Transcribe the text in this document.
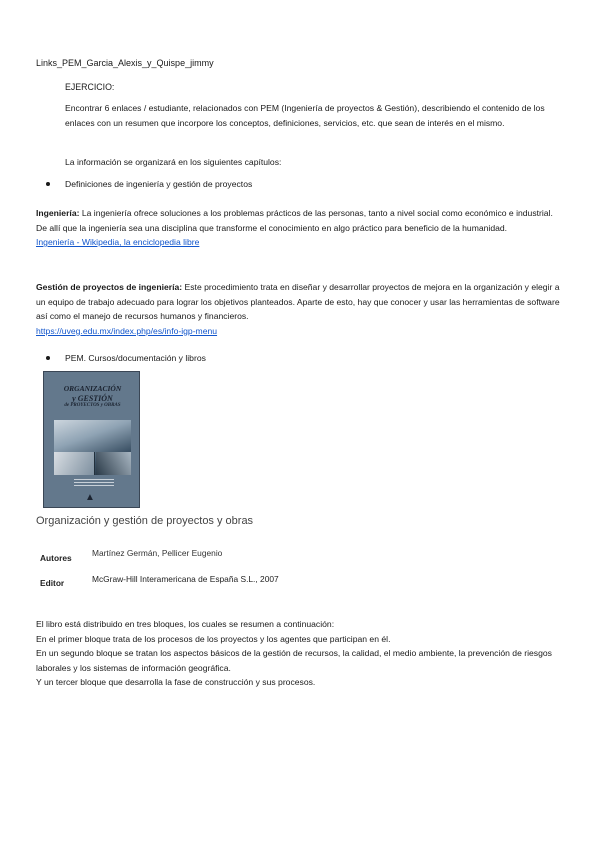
Links_PEM_Garcia_Alexis_y_Quispe_jimmy
EJERCICIO:
Encontrar 6 enlaces / estudiante, relacionados con PEM (Ingeniería de proyectos & Gestión), describiendo el contenido de los enlaces con un resumen que incorpore los conceptos, definiciones, servicios, etc. que sean de interés en el mismo.
La información se organizará en los siguientes capítulos:
Definiciones de ingeniería y gestión de proyectos
Ingeniería: La ingeniería ofrece soluciones a los problemas prácticos de las personas, tanto a nivel social como económico e industrial. De allí que la ingeniería sea una disciplina que transforme el conocimiento en algo práctico para beneficio de la humanidad.
Ingeniería - Wikipedia, la enciclopedia libre
Gestión de proyectos de ingeniería: Este procedimiento trata en diseñar y desarrollar proyectos de mejora en la organización y elegir a un equipo de trabajo adecuado para lograr los objetivos planteados. Aparte de esto, hay que conocer y usar las herramientas de software así como el manejo de recursos humanos y financieros.
https://uveg.edu.mx/index.php/es/info-igp-menu
PEM. Cursos/documentación y libros
ORGANIZACIÓN
y GESTIÓN
de PROYECTOS y OBRAS
▲
Organización y gestión de proyectos y obras
Autores Martínez Germán, Pellicer Eugenio
Editor	McGraw-Hill Interamericana de España S.L., 2007
El libro está distribuido en tres bloques, los cuales se resumen a continuación:
En el primer bloque trata de los procesos de los proyectos y los agentes que participan en él.
En un segundo bloque se tratan los aspectos básicos de la gestión de recursos, la calidad, el medio ambiente, la prevención de riesgos laborales y los sistemas de información geográfica.
Y un tercer bloque que desarrolla la fase de construcción y sus procesos.
